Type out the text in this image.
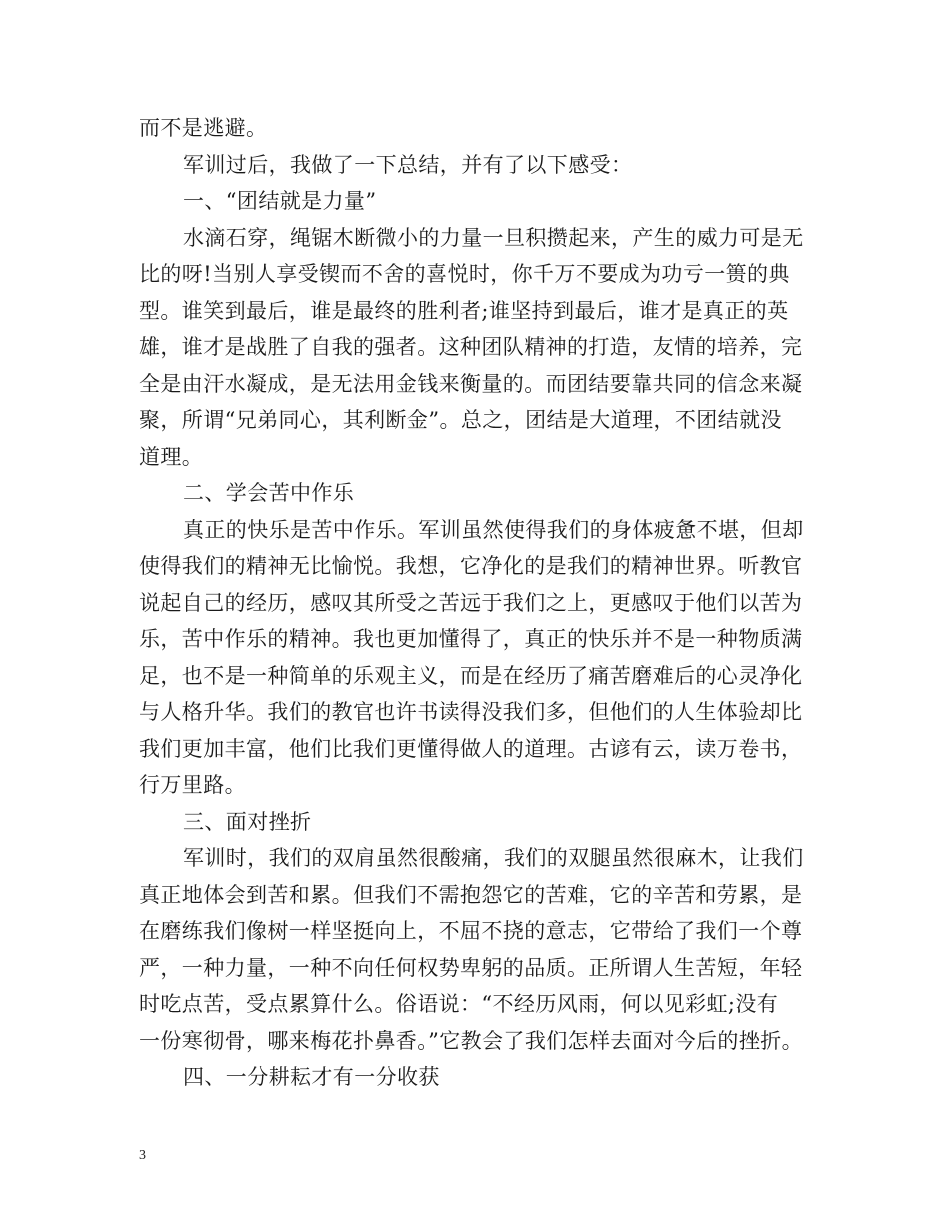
而不是逃避。
军训过后，我做了一下总结，并有了以下感受：
一、“团结就是力量”
水滴石穿，绳锯木断微小的力量一旦积攒起来，产生的威力可是无
比的呀!当别人享受锲而不舍的喜悦时，你千万不要成为功亏一篑的典
型。谁笑到最后，谁是最终的胜利者;谁坚持到最后，谁才是真正的英
雄，谁才是战胜了自我的强者。这种团队精神的打造，友情的培养，完
全是由汗水凝成，是无法用金钱来衡量的。而团结要靠共同的信念来凝
聚，所谓“兄弟同心，其利断金”。总之，团结是大道理，不团结就没
道理。
二、学会苦中作乐
真正的快乐是苦中作乐。军训虽然使得我们的身体疲惫不堪，但却
使得我们的精神无比愉悦。我想，它净化的是我们的精神世界。听教官
说起自己的经历，感叹其所受之苦远于我们之上，更感叹于他们以苦为
乐，苦中作乐的精神。我也更加懂得了，真正的快乐并不是一种物质满
足，也不是一种简单的乐观主义，而是在经历了痛苦磨难后的心灵净化
与人格升华。我们的教官也许书读得没我们多，但他们的人生体验却比
我们更加丰富，他们比我们更懂得做人的道理。古谚有云，读万卷书，
行万里路。
三、面对挫折
军训时，我们的双肩虽然很酸痛，我们的双腿虽然很麻木，让我们
真正地体会到苦和累。但我们不需抱怨它的苦难，它的辛苦和劳累，是
在磨练我们像树一样坚挺向上，不屈不挠的意志，它带给了我们一个尊
严，一种力量，一种不向任何权势卑躬的品质。正所谓人生苦短，年轻
时吃点苦，受点累算什么。俗语说：“不经历风雨，何以见彩虹;没有
一份寒彻骨，哪来梅花扑鼻香。”它教会了我们怎样去面对今后的挫折。
四、一分耕耘才有一分收获
3
